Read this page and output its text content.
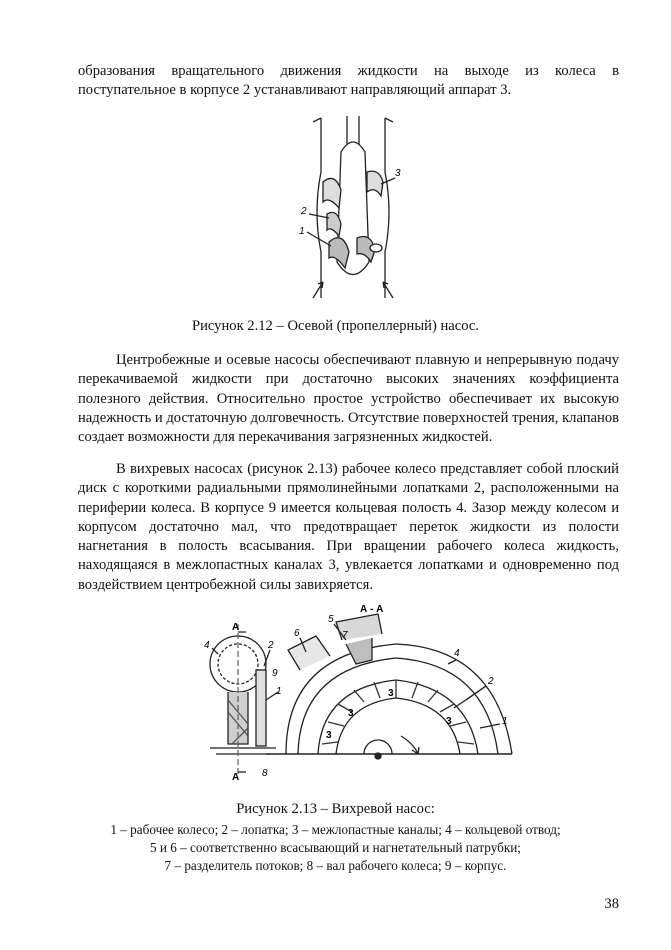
образования вращательного движения жидкости на выходе из колеса в поступательное в корпусе 2 устанавливают направляющий аппарат 3.

3
2
1

Рисунок 2.12 – Осевой (пропеллерный) насос.

Центробежные и осевые насосы обеспечивают плавную и непрерывную подачу перекачиваемой жидкости при достаточно высоких значениях коэффициента полезного действия. Относительно простое устройство обеспечивает их высокую надежность и достаточную долговечность. Отсутствие поверхностей трения, клапанов создает возможности для перекачивания загрязненных жидкостей.

В вихревых насосах (рисунок 2.13) рабочее колесо представляет собой плоский диск с короткими радиальными прямолинейными лопатками 2, расположенными на периферии колеса. В корпусе 9 имеется кольцевая полость 4. Зазор между колесом и корпусом достаточно мал, что предотвращает переток жидкости из полости нагнетания в полость всасывания. При вращении рабочего колеса жидкость, находящаяся в межлопастных каналах 3, увлекается лопатками и одновременно под воздействием центробежной силы завихряется.

А - А
А
А
4	2
9
1
8
6
5
4
2
1
7
3
3
3
3

Рисунок 2.13 – Вихревой насос:

1 – рабочее колесо; 2 – лопатка; 3 – межлопастные каналы; 4 – кольцевой отвод;
5 и 6 – соответственно всасывающий и нагнетательный патрубки;
7 – разделитель потоков; 8 – вал рабочего колеса; 9 – корпус.
38
